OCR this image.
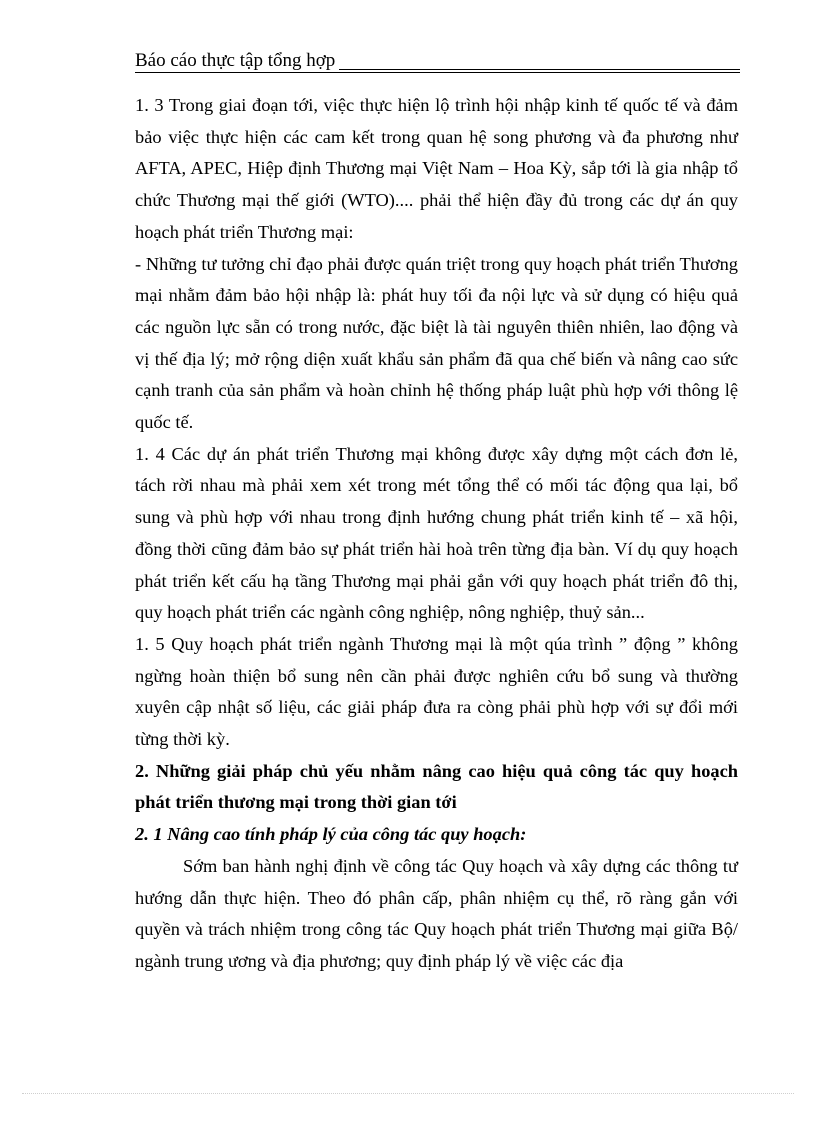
Báo cáo thực tập tổng hợp

1. 3 Trong giai đoạn tới, việc thực hiện lộ trình hội nhập kinh tế quốc tế và đảm bảo việc thực hiện các cam kết trong quan hệ song phương và đa phương như AFTA, APEC, Hiệp định Thương mại Việt Nam – Hoa Kỳ, sắp tới là gia nhập tổ chức Thương mại thế giới (WTO).... phải thể hiện đầy đủ trong các dự án quy hoạch phát triển Thương mại:

- Những tư tưởng chỉ đạo phải được quán triệt trong quy hoạch phát triển Thương mại nhằm đảm bảo hội nhập là: phát huy tối đa nội lực và sử dụng có hiệu quả các nguồn lực sẵn có trong nước, đặc biệt là tài nguyên thiên nhiên, lao động và vị thế địa lý; mở rộng diện xuất khẩu sản phẩm đã qua chế biến và nâng cao sức cạnh tranh của sản phẩm và hoàn chỉnh hệ thống pháp luật phù hợp với thông lệ quốc tế.

1. 4 Các dự án phát triển Thương mại không được xây dựng một cách đơn lẻ, tách rời nhau mà phải xem xét trong mét tổng thể có mối tác động qua lại, bổ sung và phù hợp với nhau trong định hướng chung phát triển kinh tế – xã hội, đồng thời cũng đảm bảo sự phát triển hài hoà trên từng địa bàn. Ví dụ quy hoạch phát triển kết cấu hạ tầng Thương mại phải gắn với quy hoạch phát triển đô thị, quy hoạch phát triển các ngành công nghiệp, nông nghiệp, thuỷ sản...

1. 5 Quy hoạch phát triển ngành Thương mại là một qúa trình ” động ” không ngừng hoàn thiện bổ sung nên cần phải được nghiên cứu bổ sung và thường xuyên cập nhật số liệu, các giải pháp đưa ra còng phải phù hợp với sự đổi mới từng thời kỳ.

2. Những giải pháp chủ yếu nhằm nâng cao hiệu quả công tác quy hoạch phát triển thương mại trong thời gian tới

2. 1 Nâng cao tính pháp lý của công tác quy hoạch:

Sớm ban hành nghị định về công tác Quy hoạch và xây dựng các thông tư hướng dẫn thực hiện. Theo đó phân cấp, phân nhiệm cụ thể, rõ ràng gắn với quyền và trách nhiệm trong công tác Quy hoạch phát triển Thương mại giữa Bộ/ ngành trung ương và địa phương; quy định pháp lý về việc các địa
